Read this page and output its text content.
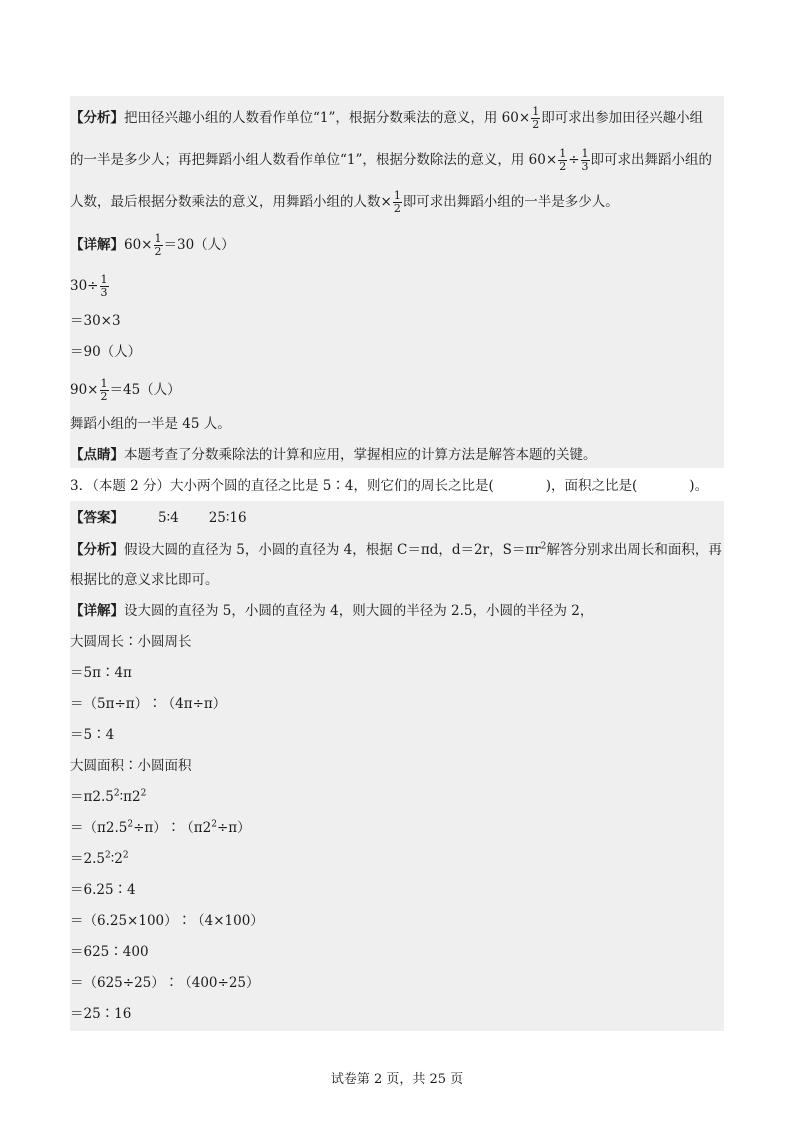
【分析】把田径兴趣小组的人数看作单位“1”，根据分数乘法的意义，用 $60\times \frac{1}{2}$ 即可求出参加田径兴趣小组
的一半是多少人；再把舞蹈小组人数看作单位“1”，根据分数除法的意义，用 $60\times \frac{1}{2} \div \frac{1}{3}$ 即可求出舞蹈小组的
人数，最后根据分数乘法的意义，用舞蹈小组的人数× $\frac{1}{2}$ 即可求出舞蹈小组的一半是多少人。
【详解】$60\times \frac{1}{2} =30$（人）
$30\div \frac{1}{3}$
＝30×3
＝90（人）
$90\times \frac{1}{2} =45$（人）
舞蹈小组的一半是 45 人。
【点睛】本题考查了分数乘除法的计算和应用，掌握相应的计算方法是解答本题的关键。
3．（本题 2 分）大小两个圆的直径之比是 5∶4，则它们的周长之比是(	)，面积之比是(	)。
【答案】	5∶4 25∶16
【分析】假设大圆的直径为 5，小圆的直径为 4，根据 C＝πd，d＝2r，$S=\pi r^2$解答分别求出周长和面积，再
根据比的意义求比即可。
【详解】设大圆的直径为 5，小圆的直径为 4，则大圆的半径为 2.5，小圆的半径为 2，
大圆周长∶小圆周长
＝5π∶4π
＝（5π÷π）∶（4π÷π）
＝5∶4
大圆面积∶小圆面积
$=\pi 2.5^2∶\pi 2^2$
$=(\pi 2.5^2\div\pi)∶(\pi 2^2\div\pi)$
$=2.5^2∶2^2$
＝6.25∶4
＝（6.25×100）∶（4×100）
＝625∶400
＝（625÷25）∶（400÷25）
＝25∶16
试卷第 2 页，共 25 页
